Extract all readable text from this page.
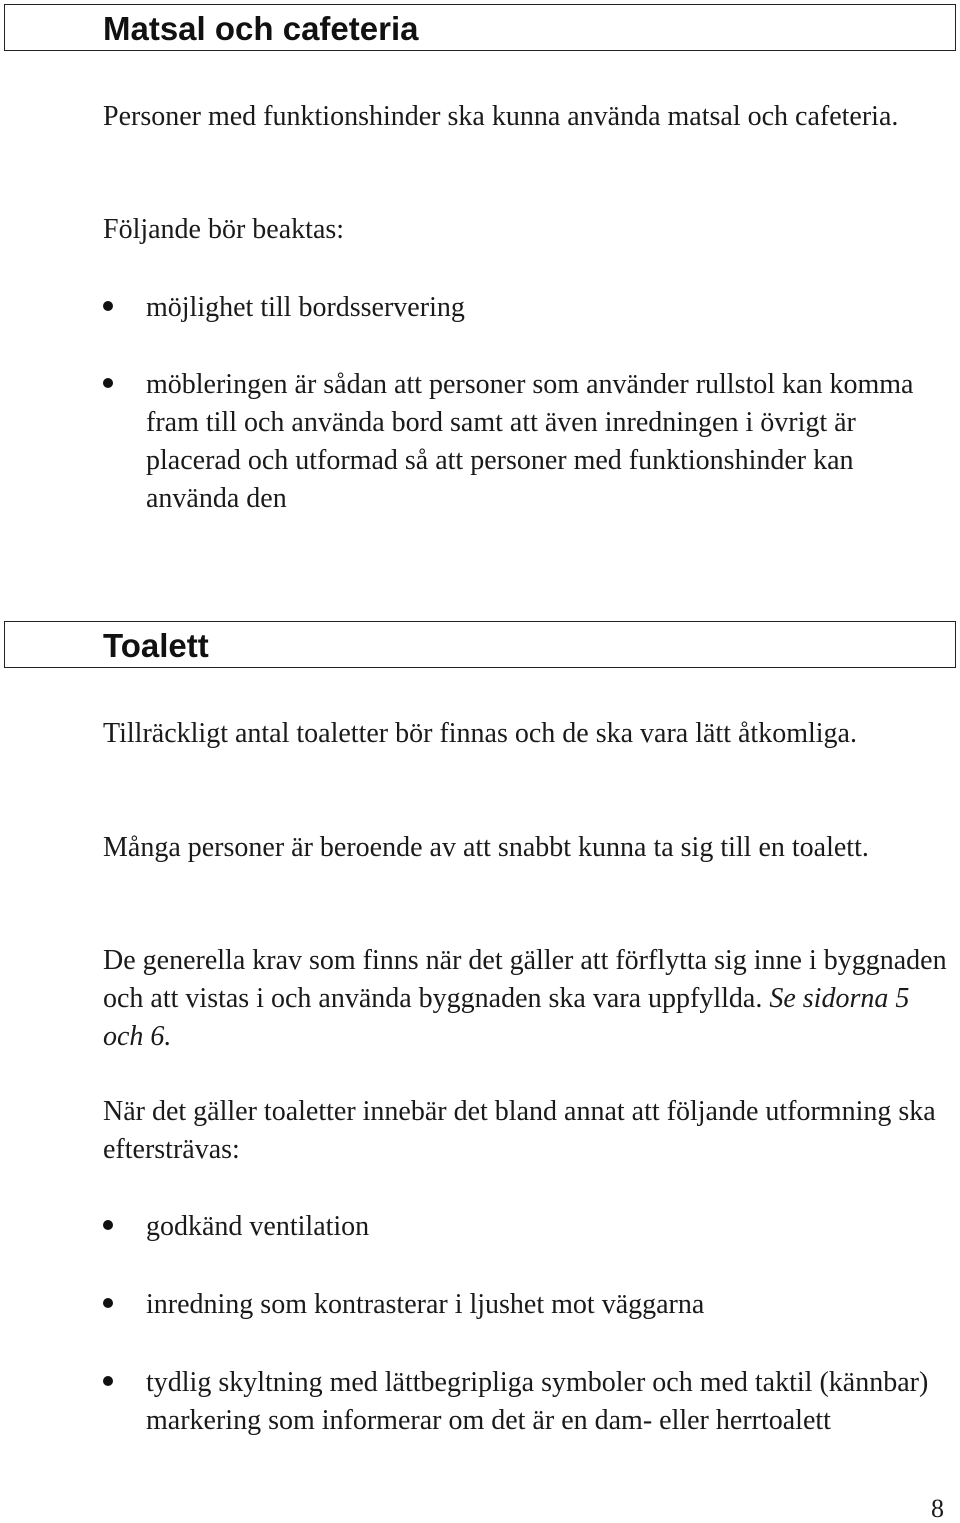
Matsal och cafeteria

Personer med funktionshinder ska kunna använda matsal och cafeteria.

Följande bör beaktas:

möjlighet till bordsservering
möbleringen är sådan att personer som använder rullstol kan komma fram till och använda bord samt att även inredningen i övrigt är placerad och utformad så att personer med funktionshinder kan använda den
Toalett

Tillräckligt antal toaletter bör finnas och de ska vara lätt åtkomliga.

Många personer är beroende av att snabbt kunna ta sig till en toalett.

De generella krav som finns när det gäller att förflytta sig inne i byggnaden och att vistas i och använda byggnaden ska vara uppfyllda. Se sidorna 5 och 6.

När det gäller toaletter innebär det bland annat att följande utformning ska eftersträvas:

godkänd ventilation
inredning som kontrasterar i ljushet mot väggarna
tydlig skyltning med lättbegripliga symboler och med taktil (kännbar) markering som informerar om det är en dam- eller herrtoalett

8
